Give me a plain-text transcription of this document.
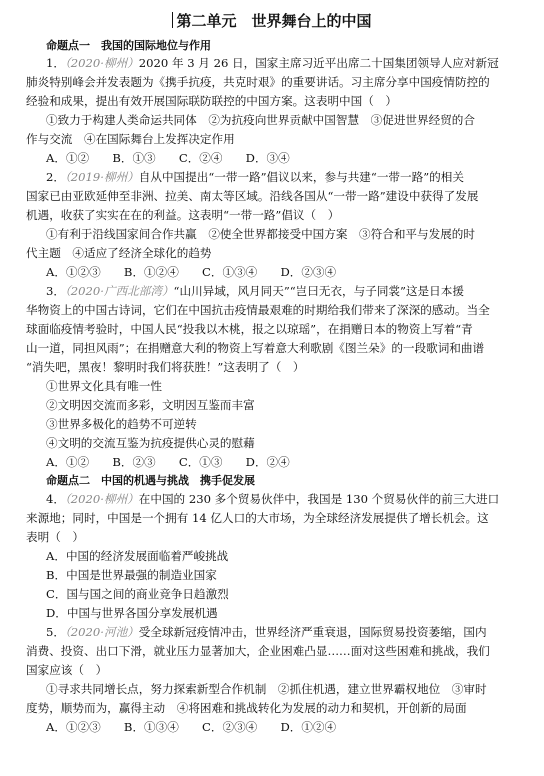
第二单元　世界舞台上的中国
命题点一　我国的国际地位与作用
1．（2020·柳州）2020 年 3 月 26 日，国家主席习近平出席二十国集团领导人应对新冠
肺炎特别峰会并发表题为《携手抗疫，共克时艰》的重要讲话。习主席分享中国疫情防控的
经验和成果，提出有效开展国际联防联控的中国方案。这表明中国（　）
①致力于构建人类命运共同体　②为抗疫向世界贡献中国智慧　③促进世界经贸的合
作与交流　④在国际舞台上发挥决定作用
A．①②　　B．①③　　C．②④　　D．③④
2．（2019·柳州）自从中国提出“一带一路”倡议以来，参与共建“一带一路”的相关
国家已由亚欧延伸至非洲、拉美、南太等区域。沿线各国从“一带一路”建设中获得了发展
机遇，收获了实实在在的利益。这表明“一带一路”倡议（　）
①有利于沿线国家间合作共赢　②使全世界都接受中国方案　③符合和平与发展的时
代主题　④适应了经济全球化的趋势
A．①②③　　B．①②④　　C．①③④　　D．②③④
3．（2020·广西北部湾）“山川异域，风月同天”“岂曰无衣，与子同裳”这是日本援
华物资上的中国古诗词，它们在中国抗击疫情最艰难的时期给我们带来了深深的感动。当全
球面临疫情考验时，中国人民“投我以木桃，报之以琼瑶”，在捐赠日本的物资上写着“青
山一道，同担风雨”；在捐赠意大利的物资上写着意大利歌剧《图兰朵》的一段歌词和曲谱
“消失吧，黑夜！黎明时我们将获胜！”这表明了（　）
①世界文化具有唯一性
②文明因交流而多彩，文明因互鉴而丰富
③世界多极化的趋势不可逆转
④文明的交流互鉴为抗疫提供心灵的慰藉
A．①②　　B．②③　　C．①③　　D．②④
命题点二　中国的机遇与挑战　携手促发展
4．（2020·柳州）在中国的 230 多个贸易伙伴中，我国是 130 个贸易伙伴的前三大进口
来源地；同时，中国是一个拥有 14 亿人口的大市场，为全球经济发展提供了增长机会。这
表明（　）
A．中国的经济发展面临着严峻挑战
B．中国是世界最强的制造业国家
C．国与国之间的商业竞争日趋激烈
D．中国与世界各国分享发展机遇
5．（2020·河池）受全球新冠疫情冲击，世界经济严重衰退，国际贸易投资萎缩，国内
消费、投资、出口下滑，就业压力显著加大，企业困难凸显……面对这些困难和挑战，我们
国家应该（　）
①寻求共同增长点，努力探索新型合作机制　②抓住机遇，建立世界霸权地位　③审时
度势，顺势而为，赢得主动　④将困难和挑战转化为发展的动力和契机，开创新的局面
A．①②③　　B．①③④　　C．②③④　　D．①②④
